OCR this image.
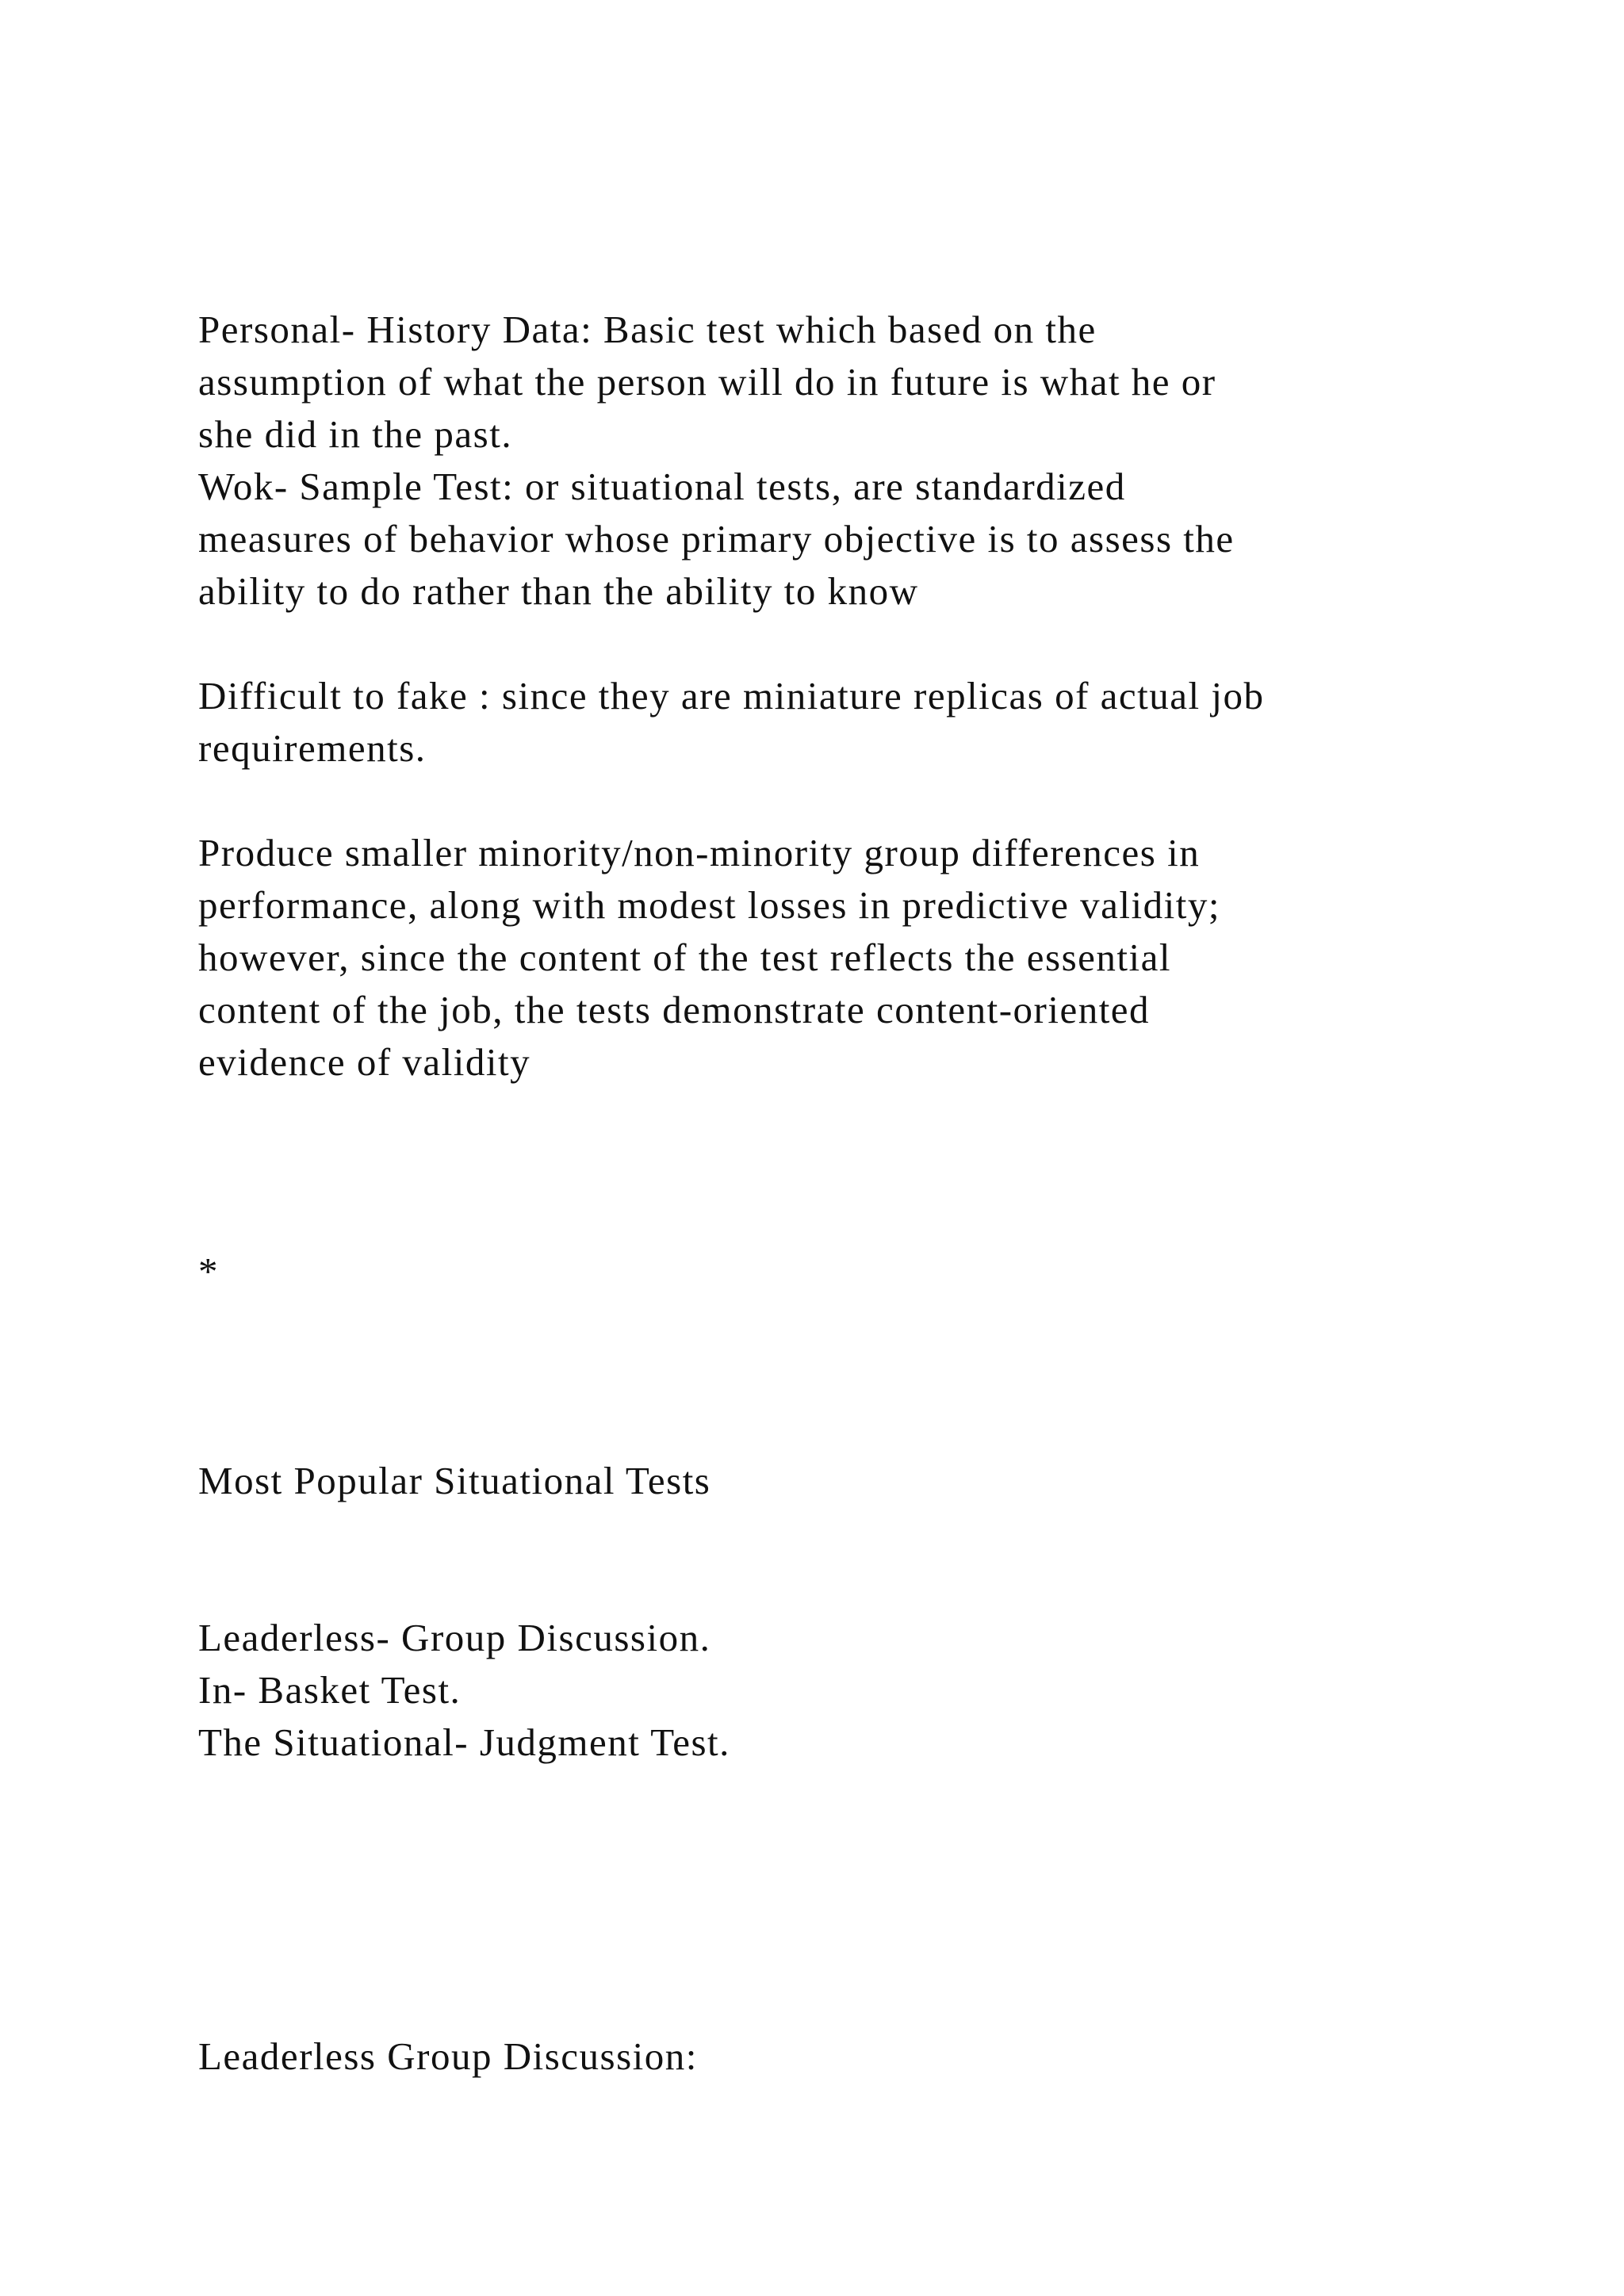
Personal- History Data: Basic test which based on the

assumption of what the person will do in future is what he or

she did in the past.

Wok- Sample Test: or situational tests, are standardized

measures of behavior whose primary objective is to assess the

ability to do rather than the ability to know

Difficult to fake : since they are miniature replicas of actual job

requirements.

Produce smaller minority/non-minority group differences in

performance, along with modest losses in predictive validity;

however, since the content of the test reflects the essential

content of the job, the tests demonstrate content-oriented

evidence of validity

*

Most Popular Situational Tests

Leaderless- Group Discussion.

In- Basket Test.

The Situational- Judgment Test.

Leaderless Group Discussion:
